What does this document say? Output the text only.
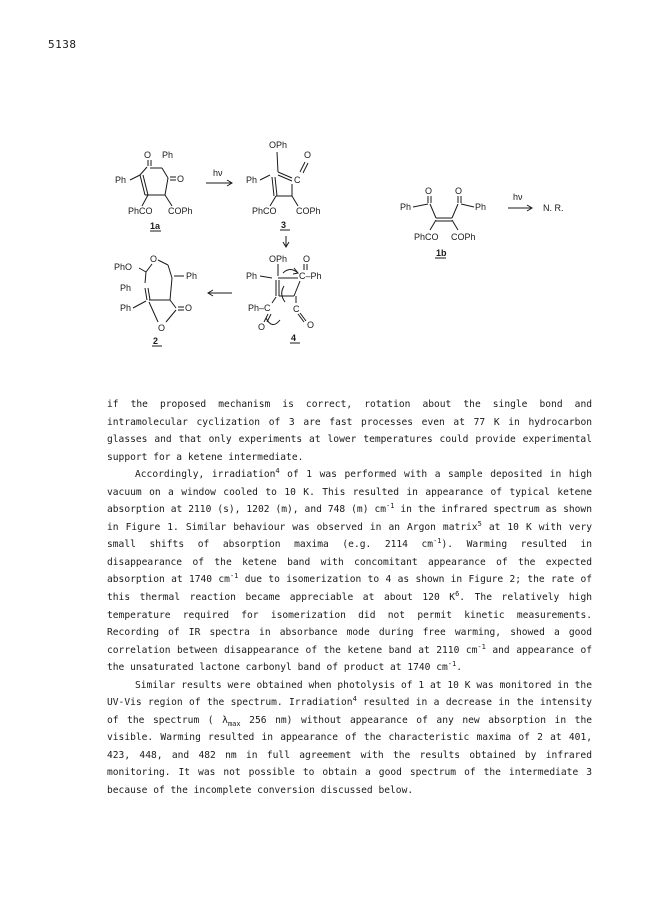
5138
Ph
O Ph
O
PhCO COPh
1a
hν
OPh
O
C
Ph
PhCO COPh
3
O	O
Ph	Ph
PhCO COPh
1b
hν
N. R.
OPh O
C–Ph
Ph
Ph–C
O
C
O
4
PhO
O
Ph
Ph
Ph	O
O
2

if the proposed mechanism is correct, rotation about the single bond and intramolecular cyclization of 3 are fast processes even at 77 K in hydrocarbon glasses and that only experiments at lower temperatures could provide experimental support for a ketene intermediate.

Accordingly, irradiation$^4$ of 1 was performed with a sample deposited in high vacuum on a window cooled to 10 K. This resulted in appearance of typical ketene absorption at 2110 (s), 1202 (m), and 748 (m) $cm^{-1}$ in the infrared spectrum as shown in Figure 1. Similar behaviour was observed in an Argon matrix$^5$ at 10 K with very small shifts of absorption maxima (e.g. 2114 $cm^{-1}$). Warming resulted in disappearance of the ketene band with concomitant appearance of the expected absorption at 1740 $cm^{-1}$ due to isomerization to 4 as shown in Figure 2; the rate of this thermal reaction became appreciable at about 120 $K^6$. The relatively high temperature required for isomerization did not permit kinetic measurements. Recording of IR spectra in absorbance mode during free warming, showed a good correlation between disappearance of the ketene band at 2110 $cm^{-1}$ and appearance of the unsaturated lactone carbonyl band of product at 1740 $cm^{-1}$.

Similar results were obtained when photolysis of 1 at 10 K was monitored in the UV-Vis region of the spectrum. Irradiation$^4$ resulted in a decrease in the intensity of the spectrum ( $\lambda_{max}$ 256 nm) without appearance of any new absorption in the visible. Warming resulted in appearance of the characteristic maxima of 2 at 401, 423, 448, and 482 nm in full agreement with the results obtained by infrared monitoring. It was not possible to obtain a good spectrum of the intermediate 3 because of the incomplete conversion discussed below.
